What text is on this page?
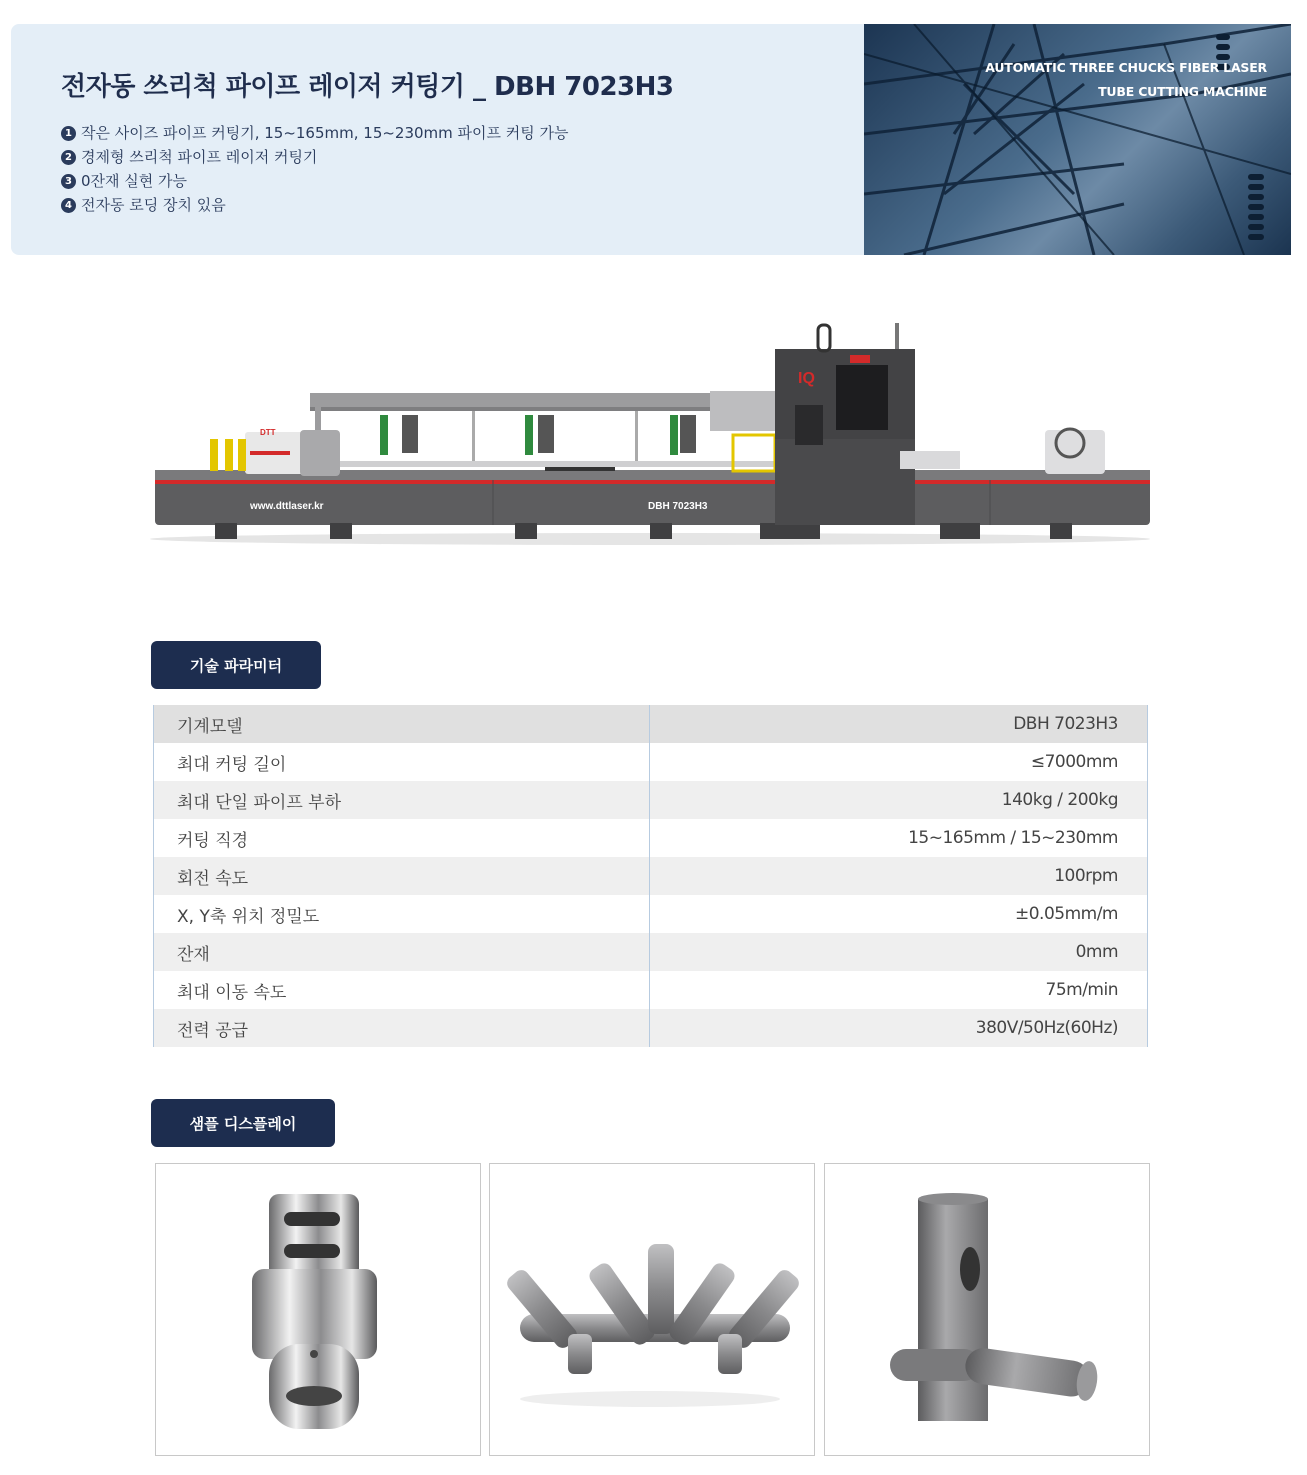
전자동 쓰리척 파이프 레이저 커팅기 _ DBH 7023H3
1 작은 사이즈 파이프 커팅기, 15~165mm, 15~230mm 파이프 커팅 가능
2 경제형 쓰리척 파이프 레이저 커팅기
3 0잔재 실현 가능
4 전자동 로딩 장치 있음
AUTOMATIC THREE CHUCKS FIBER LASER
TUBE CUTTING MACHINE
DTT
IQ
www.dttlaser.kr	DBH 7023H3
기술 파라미터
기계모델	DBH 7023H3
최대 커팅 길이	≤7000mm
최대 단일 파이프 부하	140kg / 200kg
커팅 직경	15~165mm / 15~230mm
회전 속도	100rpm
X, Y축 위치 정밀도	±0.05mm/m
잔재	0mm
최대 이동 속도	75m/min
전력 공급	380V/50Hz(60Hz)
샘플 디스플레이
